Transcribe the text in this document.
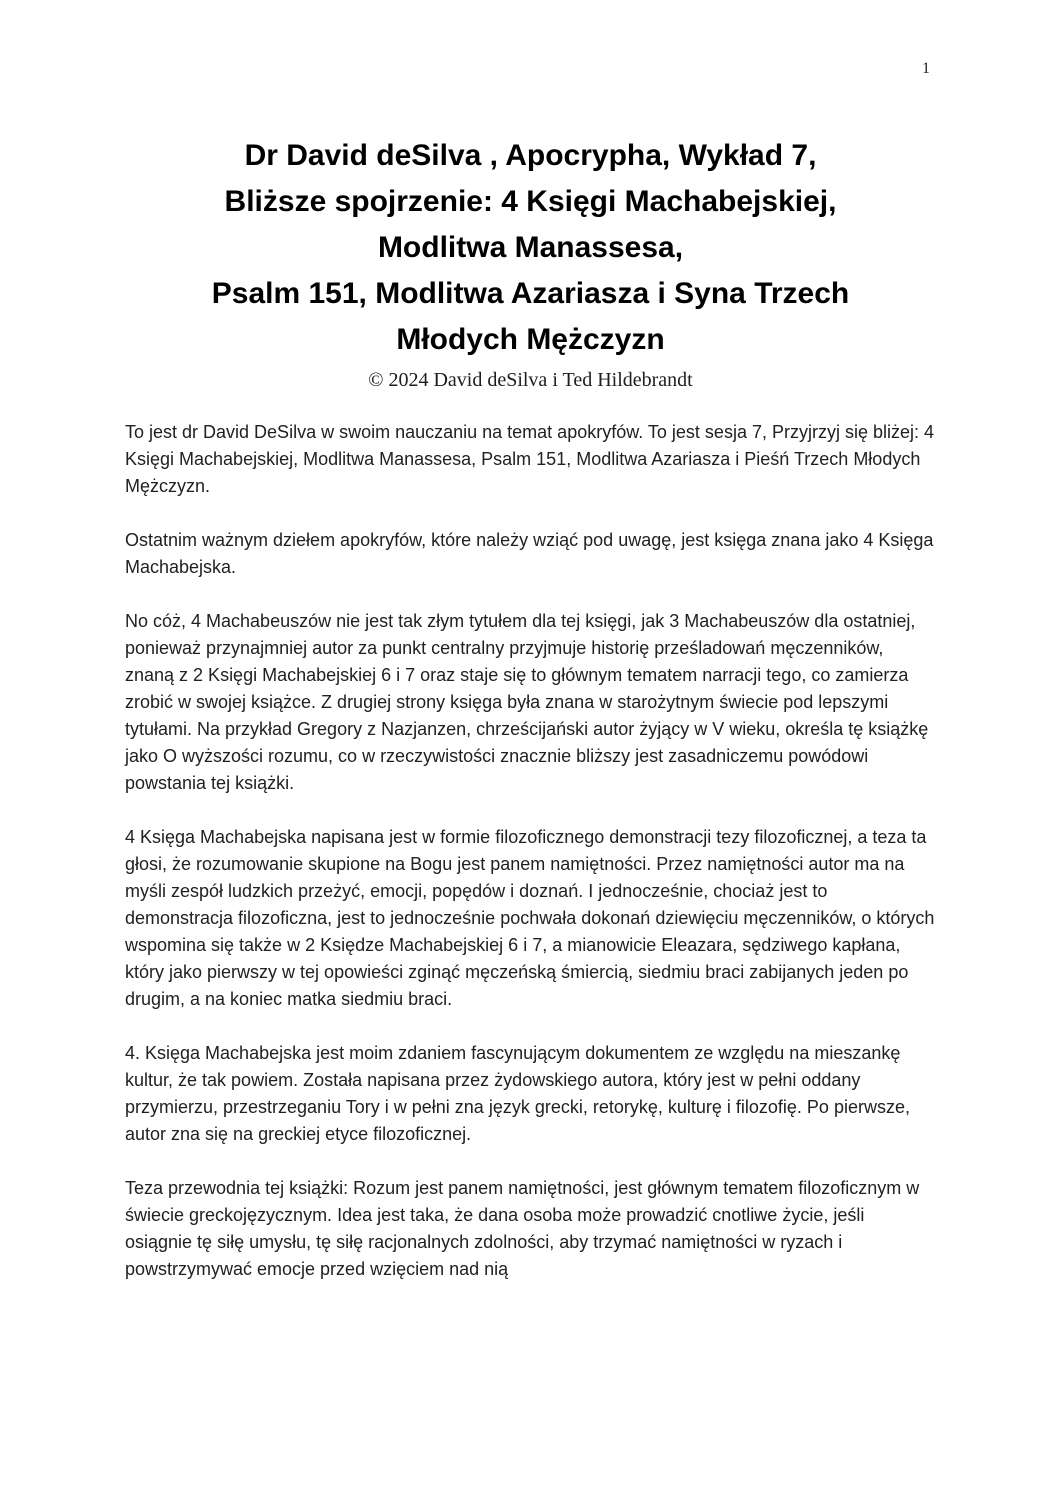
1
Dr David deSilva , Apocrypha, Wykład 7,
Bliższe spojrzenie: 4 Księgi Machabejskiej,
Modlitwa Manassesa,
Psalm 151, Modlitwa Azariasza i Syna Trzech
Młodych Mężczyzn
© 2024 David deSilva i Ted Hildebrandt

To jest dr David DeSilva w swoim nauczaniu na temat apokryfów. To jest sesja 7, Przyjrzyj się bliżej: 4 Księgi Machabejskiej, Modlitwa Manassesa, Psalm 151, Modlitwa Azariasza i Pieśń Trzech Młodych Mężczyzn.

Ostatnim ważnym dziełem apokryfów, które należy wziąć pod uwagę, jest księga znana jako 4 Księga Machabejska.

No cóż, 4 Machabeuszów nie jest tak złym tytułem dla tej księgi, jak 3 Machabeuszów dla ostatniej, ponieważ przynajmniej autor za punkt centralny przyjmuje historię prześladowań męczenników, znaną z 2 Księgi Machabejskiej 6 i 7 oraz staje się to głównym tematem narracji tego, co zamierza zrobić w swojej książce. Z drugiej strony księga była znana w starożytnym świecie pod lepszymi tytułami. Na przykład Gregory z Nazjanzen, chrześcijański autor żyjący w V wieku, określa tę książkę jako O wyższości rozumu, co w rzeczywistości znacznie bliższy jest zasadniczemu powódowi powstania tej książki.

4 Księga Machabejska napisana jest w formie filozoficznego demonstracji tezy filozoficznej, a teza ta głosi, że rozumowanie skupione na Bogu jest panem namiętności. Przez namiętności autor ma na myśli zespół ludzkich przeżyć, emocji, popędów i doznań. I jednocześnie, chociaż jest to demonstracja filozoficzna, jest to jednocześnie pochwała dokonań dziewięciu męczenników, o których wspomina się także w 2 Księdze Machabejskiej 6 i 7, a mianowicie Eleazara, sędziwego kapłana, który jako pierwszy w tej opowieści zginąć męczeńską śmiercią, siedmiu braci zabijanych jeden po drugim, a na koniec matka siedmiu braci.

4. Księga Machabejska jest moim zdaniem fascynującym dokumentem ze względu na mieszankę kultur, że tak powiem. Została napisana przez żydowskiego autora, który jest w pełni oddany przymierzu, przestrzeganiu Tory i w pełni zna język grecki, retorykę, kulturę i filozofię. Po pierwsze, autor zna się na greckiej etyce filozoficznej.

Teza przewodnia tej książki: Rozum jest panem namiętności, jest głównym tematem filozoficznym w świecie greckojęzycznym. Idea jest taka, że dana osoba może prowadzić cnotliwe życie, jeśli osiągnie tę siłę umysłu, tę siłę racjonalnych zdolności, aby trzymać namiętności w ryzach i powstrzymywać emocje przed wzięciem nad nią
